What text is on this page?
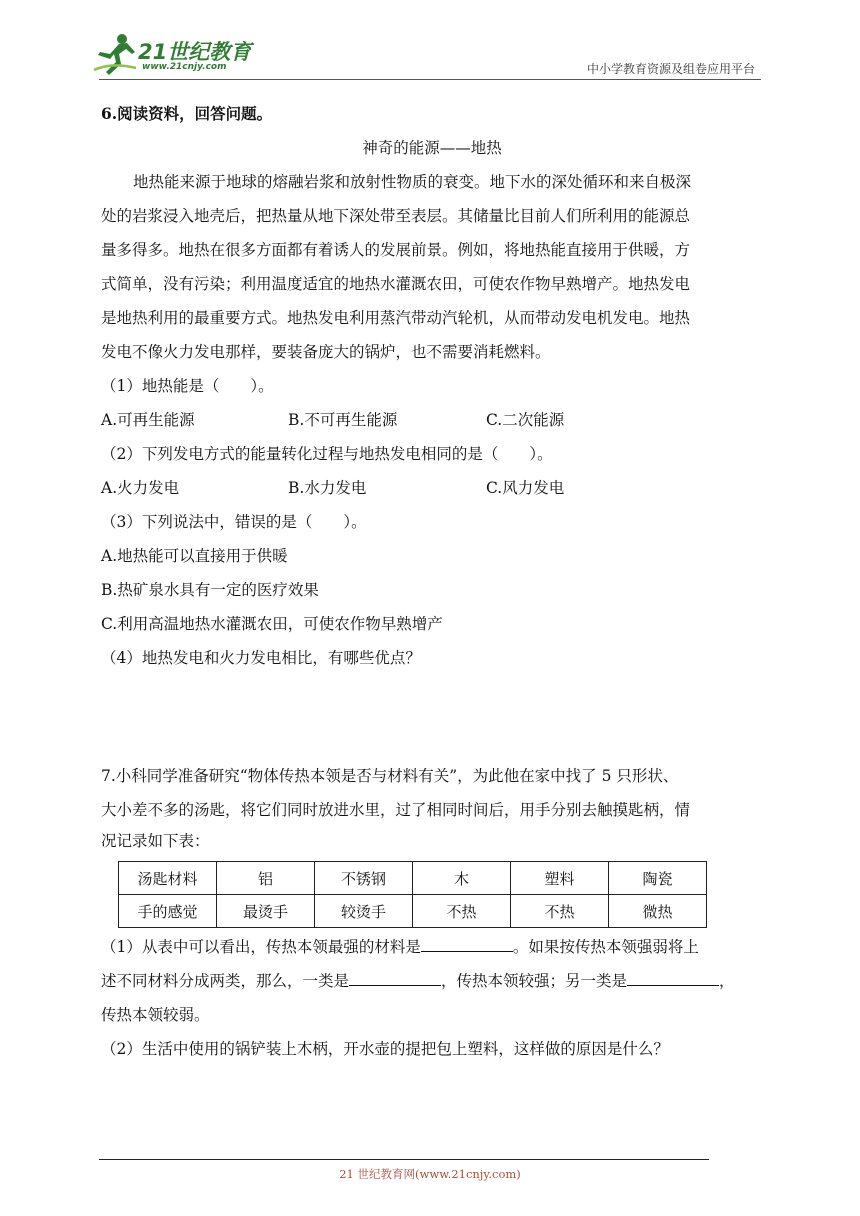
21世纪教育
www.21cnjy.com	中小学教育资源及组卷应用平台
6.阅读资料，回答问题。
神奇的能源——地热
地热能来源于地球的熔融岩浆和放射性物质的衰变。地下水的深处循环和来自极深
处的岩浆浸入地壳后，把热量从地下深处带至表层。其储量比目前人们所利用的能源总
量多得多。地热在很多方面都有着诱人的发展前景。例如，将地热能直接用于供暖，方
式简单，没有污染；利用温度适宜的地热水灌溉农田，可使农作物早熟增产。地热发电
是地热利用的最重要方式。地热发电利用蒸汽带动汽轮机，从而带动发电机发电。地热
发电不像火力发电那样，要装备庞大的锅炉，也不需要消耗燃料。
（1）地热能是（　　）。
A.可再生能源	B.不可再生能源	C.二次能源
（2）下列发电方式的能量转化过程与地热发电相同的是（　　）。
A.火力发电	B.水力发电	C.风力发电
（3）下列说法中，错误的是（　　）。
A.地热能可以直接用于供暖
B.热矿泉水具有一定的医疗效果
C.利用高温地热水灌溉农田，可使农作物早熟增产
（4）地热发电和火力发电相比，有哪些优点？
7.小科同学准备研究“物体传热本领是否与材料有关”，为此他在家中找了 5 只形状、
大小差不多的汤匙，将它们同时放进水里，过了相同时间后，用手分别去触摸匙柄，情
况记录如下表：
汤匙材料	铝	不锈钢	木	塑料	陶瓷
手的感觉	最烫手	较烫手	不热	不热	微热
（1）从表中可以看出，传热本领最强的材料是	。如果按传热本领强弱将上
述不同材料分成两类，那么，一类是	，传热本领较强；另一类是	，
传热本领较弱。
（2）生活中使用的锅铲装上木柄，开水壶的提把包上塑料，这样做的原因是什么？
21 世纪教育网(www.21cnjy.com)
